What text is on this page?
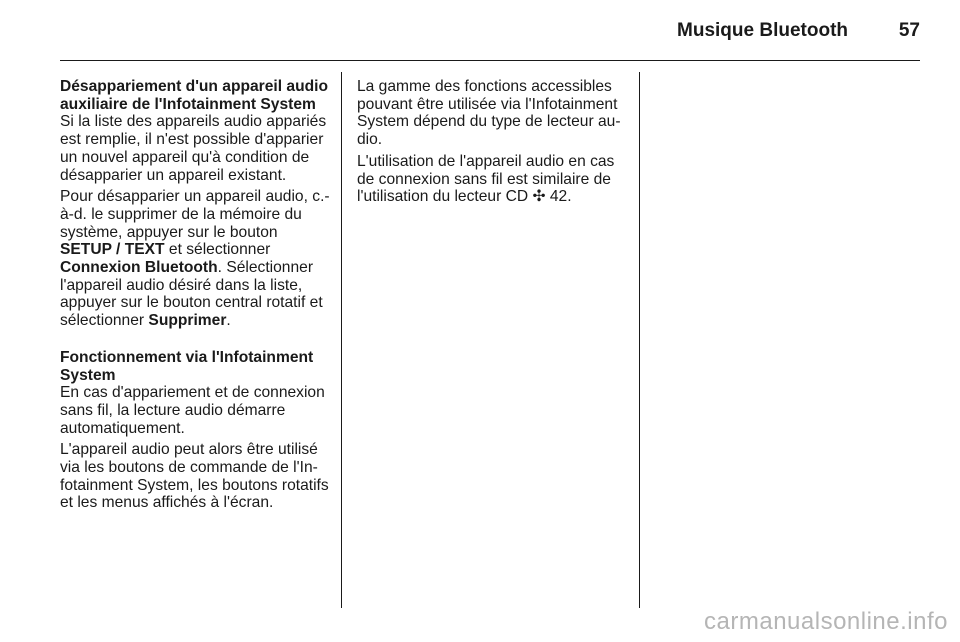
Musique Bluetooth	57
Désappariement d'un appareil audio auxiliaire de l'Infotainment System

Si la liste des appareils audio appariés est remplie, il n'est possible d'apparier un nouvel appareil qu'à condition de désapparier un appareil existant.

Pour désapparier un appareil audio, c.-à-d. le supprimer de la mémoire du système, appuyer sur le bouton SETUP / TEXT et sélectionner Connexion Bluetooth. Sélectionner l'appareil audio désiré dans la liste, appuyer sur le bouton central rotatif et sélectionner Supprimer.

Fonctionnement via l'Infotainment System

En cas d'appariement et de connexion sans fil, la lecture audio démarre automatiquement.

L'appareil audio peut alors être utilisé via les boutons de commande de l'Infotainment System, les boutons rotatifs et les menus affichés à l'écran.

La gamme des fonctions accessibles pouvant être utilisée via l'Infotainment System dépend du type de lecteur audio.

L'utilisation de l'appareil audio en cas de connexion sans fil est similaire de l'utilisation du lecteur CD ✣ 42.

carmanualsonline.info
